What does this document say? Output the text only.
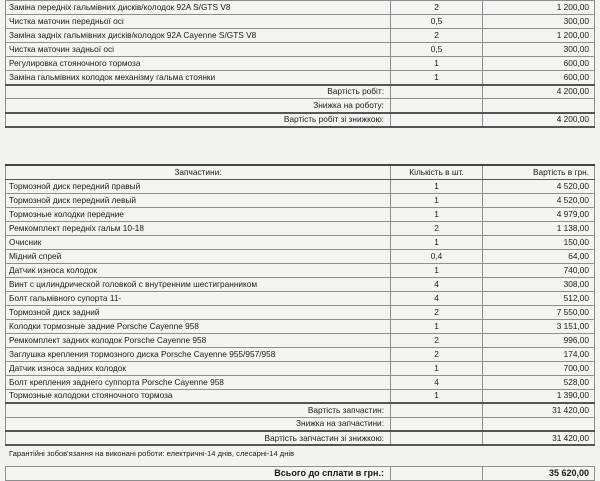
Заміна передніх гальмівних дисків/колодок 92A S/GTS V8	2	1 200,00
Чистка маточин передньої осі	0,5	300,00
Заміна задніх гальмівних дисків/колодок 92A Cayenne S/GTS V8	2	1 200,00
Чистка маточин задньої осі	0,5	300,00
Регулировка стояночного тормоза	1	600,00
Заміна гальмівних колодок механізму гальма стоянки	1	600,00
Вартість робіт:		4 200,00
Знижка на роботу:		
Вартість робіт зі знижкою:		4 200,00
Запчастини:	Кількість в шт.	Вартість в грн.
Тормозной диск передний правый	1	4 520,00
Тормозной диск передний левый	1	4 520,00
Тормозные колодки передние	1	4 979,00
Ремкомплект передніх гальм 10-18	2	1 138,00
Очисник	1	150,00
Мідний спрей	0,4	64,00
Датчик износа колодок	1	740,00
Винт с цилиндрической головкой с внутренним шестигранником	4	308,00
Болт гальмівного супорта 11-	4	512,00
Тормозной диск задний	2	7 550,00
Колодки тормозные задние Porsche Cayenne 958	1	3 151,00
Ремкомплект задних колодок Porsche Cayenne 958	2	996,00
Заглушка крепления тормозного диска Porsche Cayenne 955/957/958	2	174,00
Датчик износа задних колодок	1	700,00
Болт крепления заднего суппорта Porsche Cayenne 958	4	528,00
Тормозные колодоки стояночного тормоза	1	1 390,00
Вартість запчастин:		31 420,00
Знижка на запчастини:		
Вартість запчастин зі знижкою:		31 420,00
Гарантійні зобов'язання на виконані роботи: електричні-14 днів, слесарні-14 днів
Всього до сплати в грн.:		35 620,00
